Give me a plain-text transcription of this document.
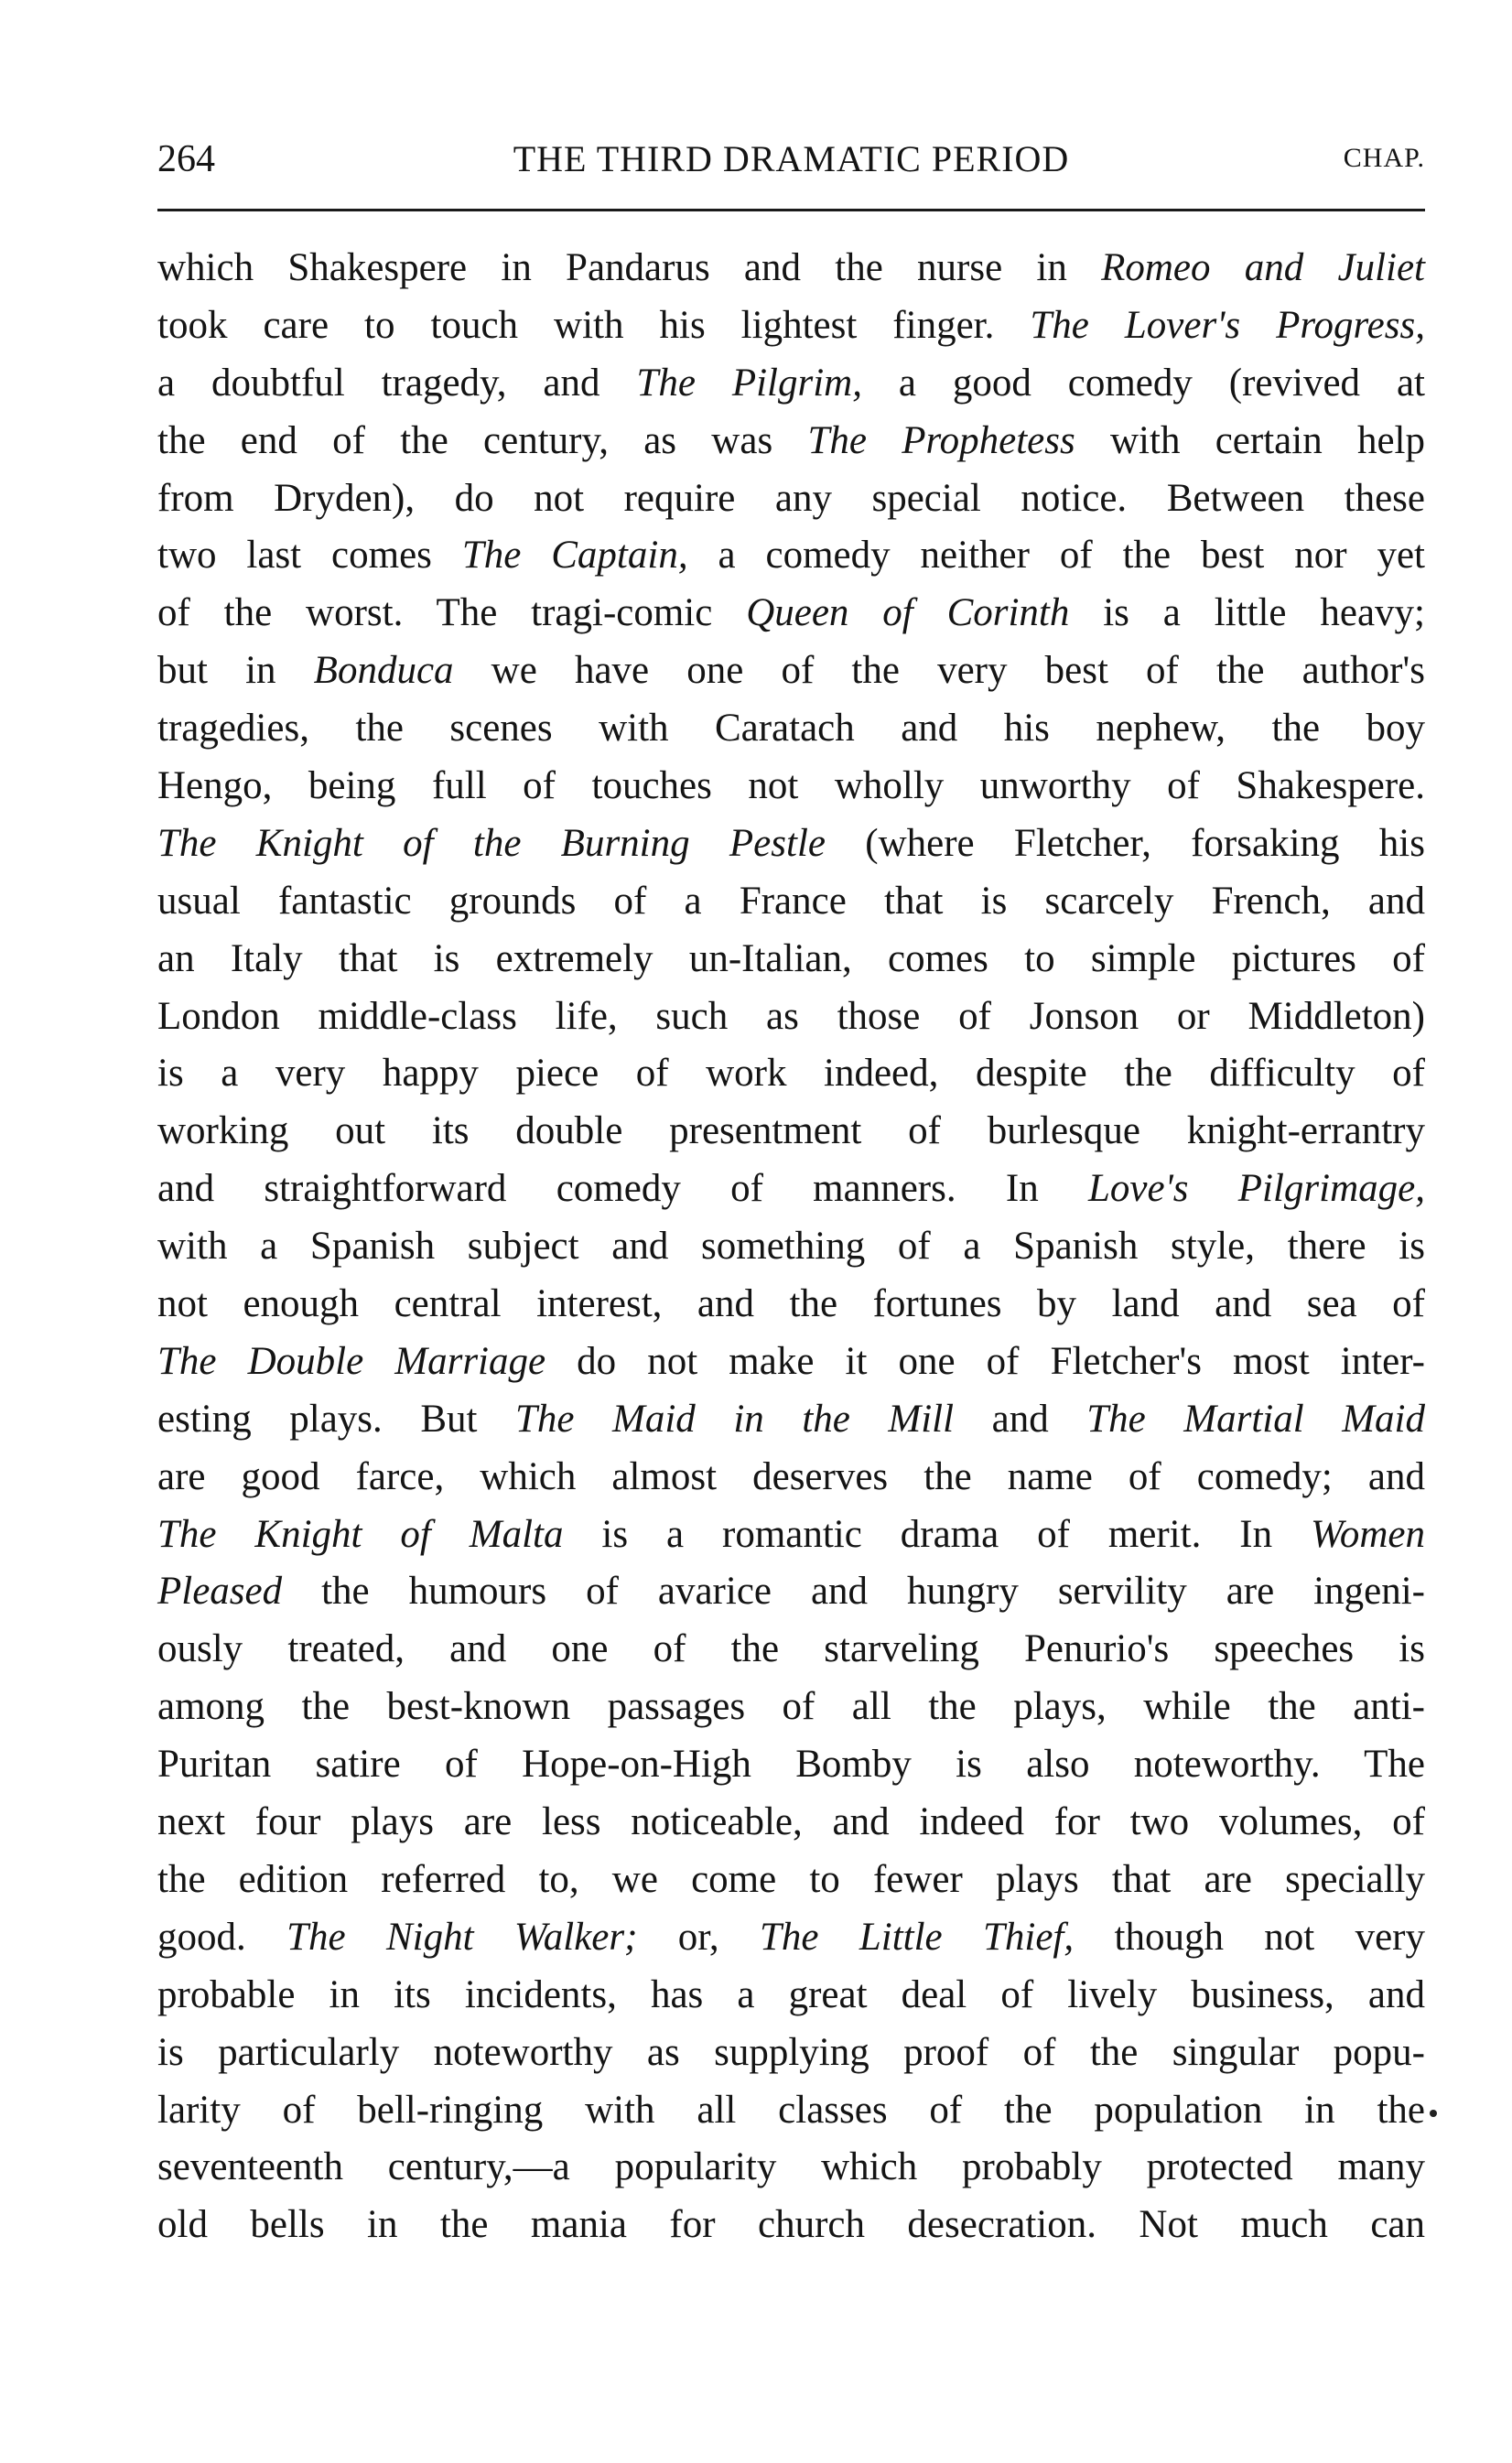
264	THE THIRD DRAMATIC PERIOD	CHAP.
which Shakespere in Pandarus and the nurse in Romeo and Juliet
took care to touch with his lightest finger. The Lover's Progress,
a doubtful tragedy, and The Pilgrim, a good comedy (revived at
the end of the century, as was The Prophetess with certain help
from Dryden), do not require any special notice. Between these
two last comes The Captain, a comedy neither of the best nor yet
of the worst. The tragi-comic Queen of Corinth is a little heavy;
but in Bonduca we have one of the very best of the author's
tragedies, the scenes with Caratach and his nephew, the boy
Hengo, being full of touches not wholly unworthy of Shakespere.
The Knight of the Burning Pestle (where Fletcher, forsaking his
usual fantastic grounds of a France that is scarcely French, and
an Italy that is extremely un-Italian, comes to simple pictures of
London middle-class life, such as those of Jonson or Middleton)
is a very happy piece of work indeed, despite the difficulty of
working out its double presentment of burlesque knight-errantry
and straightforward comedy of manners. In Love's Pilgrimage,
with a Spanish subject and something of a Spanish style, there is
not enough central interest, and the fortunes by land and sea of
The Double Marriage do not make it one of Fletcher's most inter-
esting plays. But The Maid in the Mill and The Martial Maid
are good farce, which almost deserves the name of comedy; and
The Knight of Malta is a romantic drama of merit. In Women
Pleased the humours of avarice and hungry servility are ingeni-
ously treated, and one of the starveling Penurio's speeches is
among the best-known passages of all the plays, while the anti-
Puritan satire of Hope-on-High Bomby is also noteworthy. The
next four plays are less noticeable, and indeed for two volumes, of
the edition referred to, we come to fewer plays that are specially
good. The Night Walker; or, The Little Thief, though not very
probable in its incidents, has a great deal of lively business, and
is particularly noteworthy as supplying proof of the singular popu-
larity of bell-ringing with all classes of the population in the
seventeenth century,—a popularity which probably protected many
old bells in the mania for church desecration. Not much can
